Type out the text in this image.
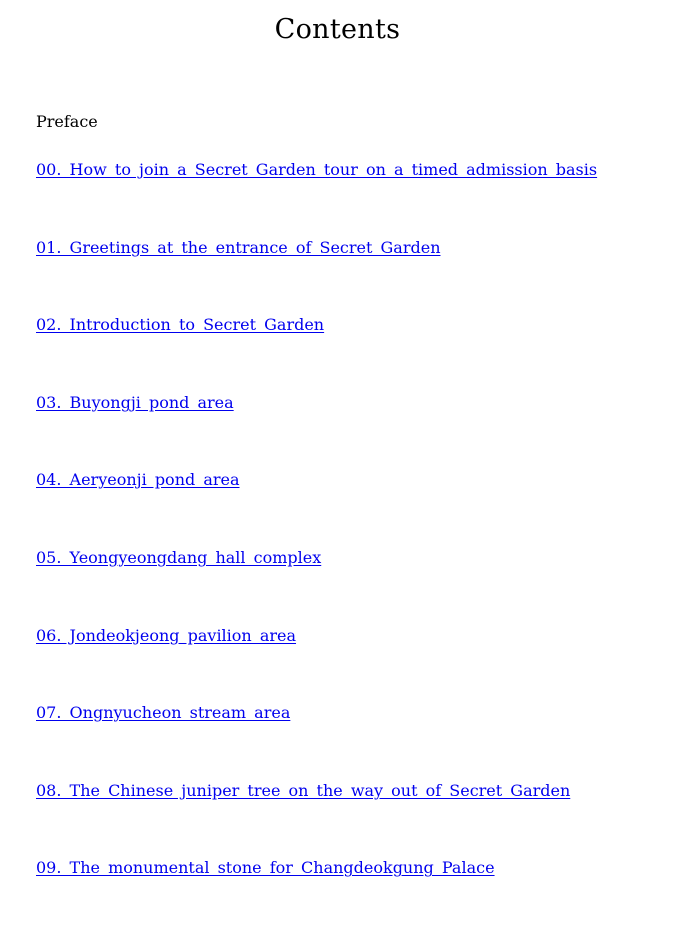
Contents
Preface
00. How to join a Secret Garden tour on a timed admission basis
01. Greetings at the entrance of Secret Garden
02. Introduction to Secret Garden
03. Buyongji pond area
04. Aeryeonji pond area
05. Yeongyeongdang hall complex
06. Jondeokjeong pavilion area
07. Ongnyucheon stream area
08. The Chinese juniper tree on the way out of Secret Garden
09. The monumental stone for Changdeokgung Palace
